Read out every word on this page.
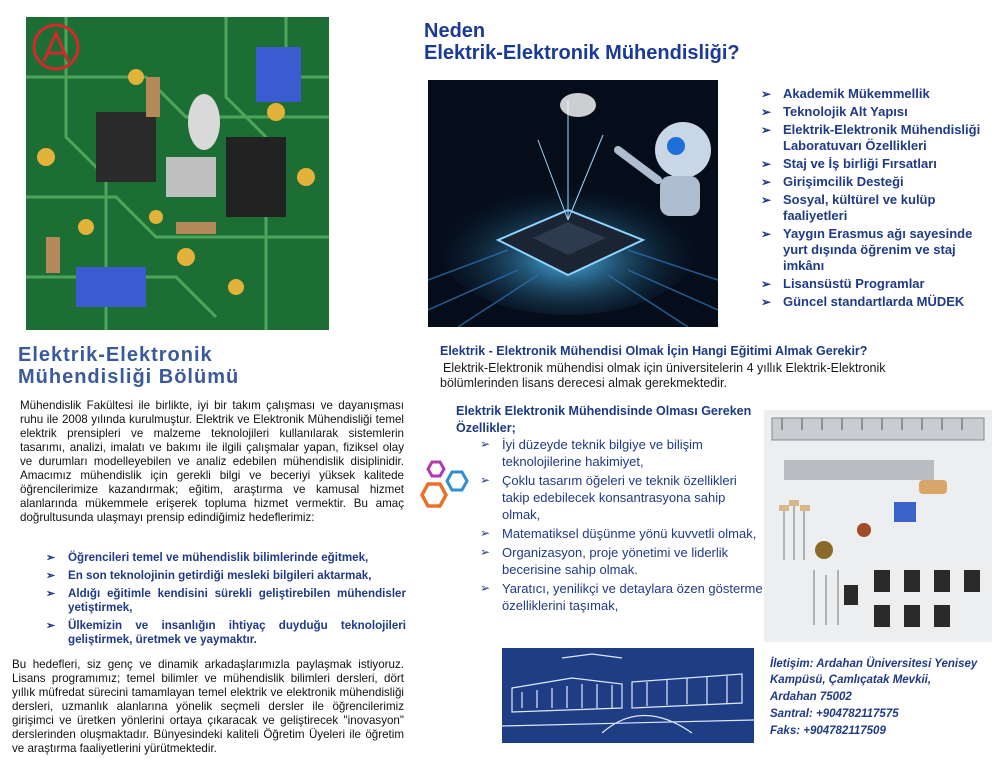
Neden
Elektrik-Elektronik Mühendisliği?
➢ Akademik Mükemmellik
➢ Teknolojik Alt Yapısı
➢ Elektrik-Elektronik Mühendisliği Laboratuvarı Özellikleri
➢ Staj ve İş birliği Fırsatları
➢ Girişimcilik Desteği
➢ Sosyal, kültürel ve kulüp faaliyetleri
➢ Yaygın Erasmus ağı sayesinde yurt dışında öğrenim ve staj imkânı
➢ Lisansüstü Programlar
➢ Güncel standartlarda MÜDEK
Elektrik-Elektronik
Mühendisliği Bölümü
Elektrik - Elektronik Mühendisi Olmak İçin Hangi Eğitimi Almak Gerekir?
Elektrik-Elektronik mühendisi olmak için üniversitelerin 4 yıllık Elektrik-Elektronik bölümlerinden lisans derecesi almak gerekmektedir.
Elektrik Elektronik Mühendisinde Olması Gereken Özellikler;
➢ İyi düzeyde teknik bilgiye ve bilişim teknolojilerine hakimiyet,
➢ Çoklu tasarım öğeleri ve teknik özellikleri takip edebilecek konsantrasyona sahip olmak,
➢ Matematiksel düşünme yönü kuvvetli olmak,
➢ Organizasyon, proje yönetimi ve liderlik becerisine sahip olmak.
➢ Yaratıcı, yenilikçi ve detaylara özen gösterme özelliklerini taşımak,
Mühendislik Fakültesi ile birlikte, iyi bir takım çalışması ve dayanışması ruhu ile 2008 yılında kurulmuştur. Elektrik ve Elektronik Mühendisliği temel elektrik prensipleri ve malzeme teknolojileri kullanılarak sistemlerin tasarımı, analizi, imalatı ve bakımı ile ilgili çalışmalar yapan, fiziksel olay ve durumları modelleyebilen ve analiz edebilen mühendislik disiplinidir. Amacımız mühendislik için gerekli bilgi ve beceriyi yüksek kalitede öğrencilerimize kazandırmak; eğitim, araştırma ve kamusal hizmet alanlarında mükemmele erişerek topluma hizmet vermektir. Bu amaç doğrultusunda ulaşmayı prensip edindiğimiz hedeflerimiz:
➢ Öğrencileri temel ve mühendislik bilimlerinde eğitmek,
➢ En son teknolojinin getirdiği mesleki bilgileri aktarmak,
➢ Aldığı eğitimle kendisini sürekli geliştirebilen mühendisler yetiştirmek,
➢ Ülkemizin ve insanlığın ihtiyaç duyduğu teknolojileri geliştirmek, üretmek ve yaymaktır.
Bu hedefleri, siz genç ve dinamik arkadaşlarımızla paylaşmak istiyoruz. Lisans programımız; temel bilimler ve mühendislik bilimleri dersleri, dört yıllık müfredat sürecini tamamlayan temel elektrik ve elektronik mühendisliği dersleri, uzmanlık alanlarına yönelik seçmeli dersler ile öğrencilerimiz girişimci ve üretken yönlerini ortaya çıkaracak ve geliştirecek "inovasyon" derslerinden oluşmaktadır. Bünyesindeki kaliteli Öğretim Üyeleri ile öğretim ve araştırma faaliyetlerini yürütmektedir.
İletişim: Ardahan Üniversitesi Yenisey Kampüsü, Çamlıçatak Mevkii,
Ardahan 75002
Santral: +904782117575
Faks: +904782117509
